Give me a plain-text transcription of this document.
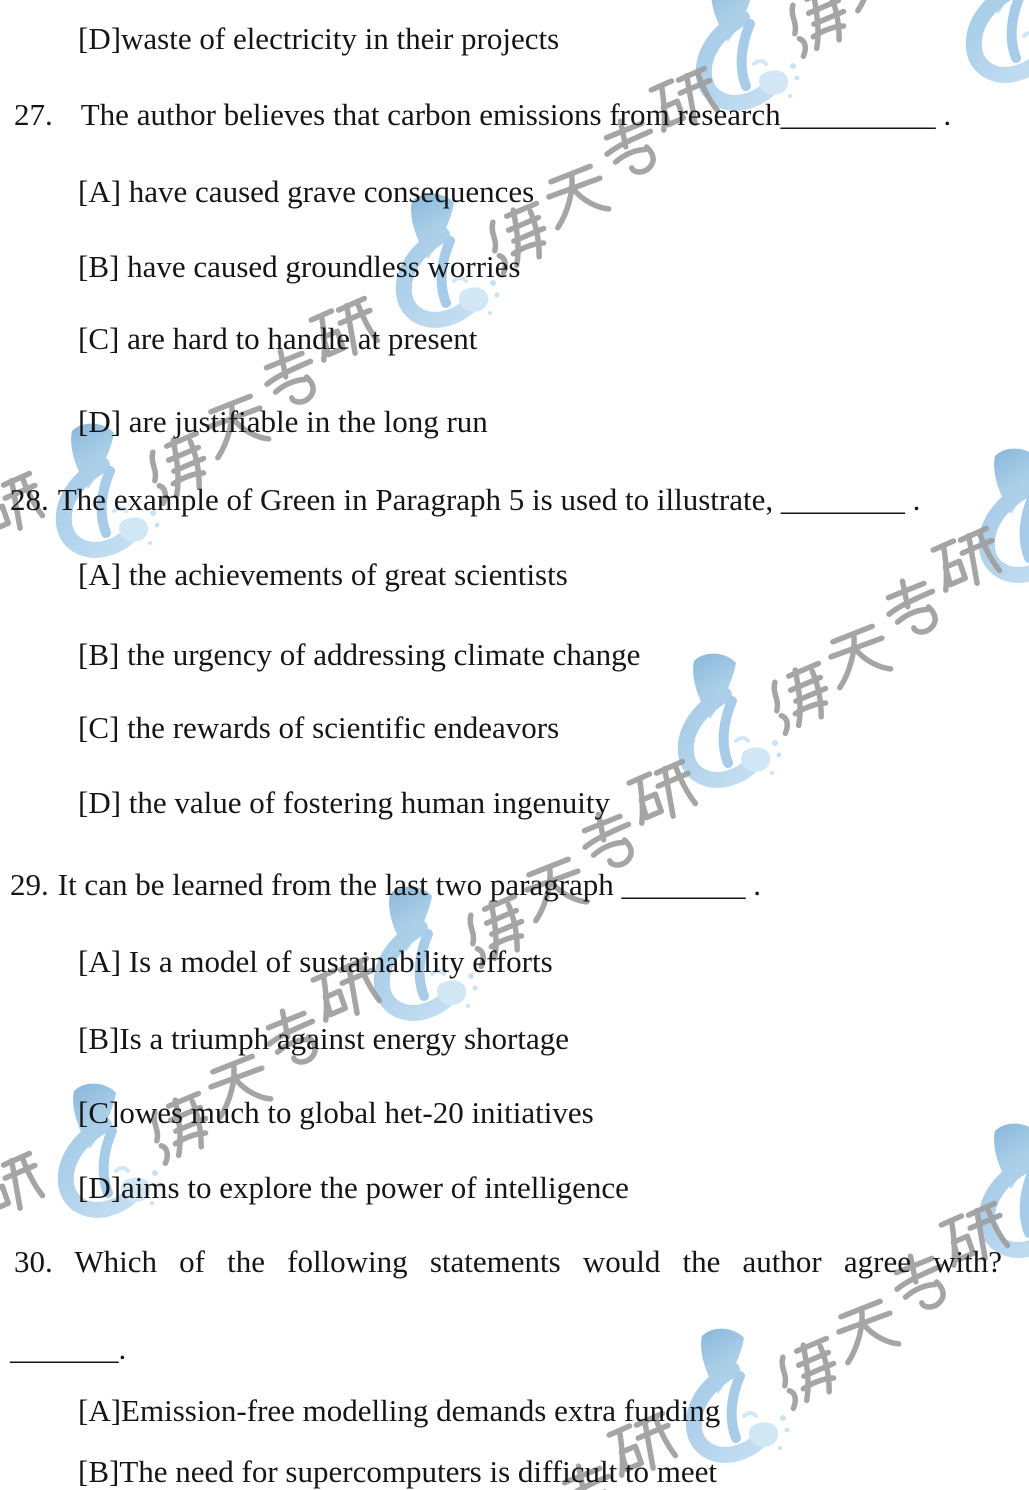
[D]waste of electricity in their projects
27. The author believes that carbon emissions from research__________ .
[A] have caused grave consequences
[B] have caused groundless worries
[C] are hard to handle at present
[D] are justifiable in the long run
28. The example of Green in Paragraph 5 is used to illustrate, ________ .
[A] the achievements of great scientists
[B] the urgency of addressing climate change
[C] the rewards of scientific endeavors
[D] the value of fostering human ingenuity
29. It can be learned from the last two paragraph ________ .
[A] Is a model of sustainability efforts
[B]Is a triumph against energy shortage
[C]owes much to global het-20 initiatives
[D]aims to explore the power of intelligence
30. Which of the following statements would the author agree with?
_______.
[A]Emission-free modelling demands extra funding
[B]The need for supercomputers is difficult to meet
